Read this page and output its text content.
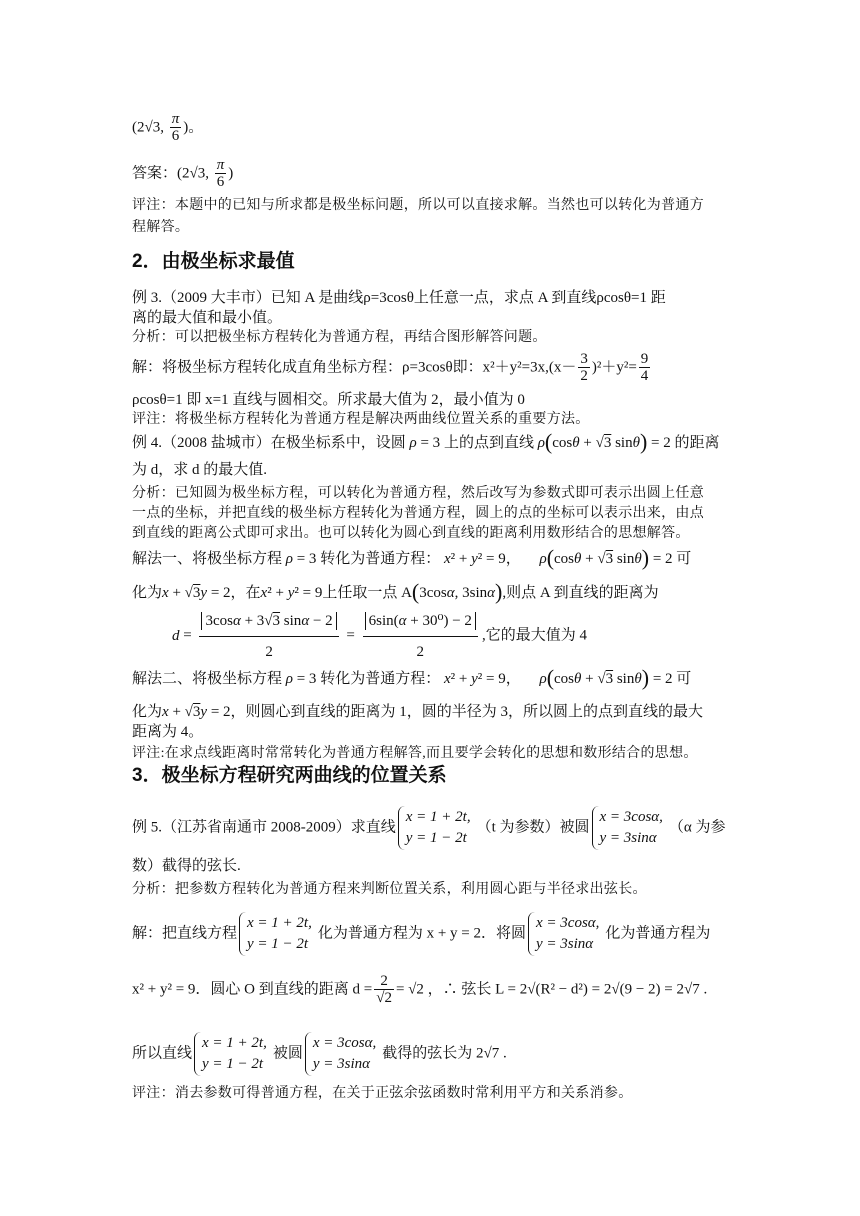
(2√3, $\frac{\pi}{6}$ )。
答案：(2√3, $\frac{\pi}{6}$ )
评注：本题中的已知与所求都是极坐标问题，所以可以直接求解。当然也可以转化为普通方
程解答。
2．由极坐标求最值
例 3.（2009 大丰市）已知 A 是曲线ρ=3cosθ上任意一点，求点 A 到直线ρcosθ=1 距
离的最大值和最小值。
分析：可以把极坐标方程转化为普通方程，再结合图形解答问题。
解：将极坐标方程转化成直角坐标方程：ρ=3cosθ即：$x^2+y^2=3x,(x- \frac{3}{2} )^2+y^2= \frac{9}{4}$
ρcosθ=1 即 x=1 直线与圆相交。所求最大值为 2，最小值为 0
评注：将极坐标方程转化为普通方程是解决两曲线位置关系的重要方法。
例 4.（2008 盐城市）在极坐标系中，设圆 ρ = 3 上的点到直线 ρ(cosθ + √3 sinθ) = 2 的距离
为 d，求 d 的最大值.
分析：已知圆为极坐标方程，可以转化为普通方程，然后改写为参数式即可表示出圆上任意
一点的坐标，并把直线的极坐标方程转化为普通方程，圆上的点的坐标可以表示出来，由点
到直线的距离公式即可求出。也可以转化为圆心到直线的距离利用数形结合的思想解答。
解法一、将极坐标方程 ρ = 3 转化为普通方程： x² + y² = 9，     ρ(cosθ + √3 sinθ) = 2 可
化为x + √3y = 2，在x² + y² = 9上任取一点 A(3cosα, 3sinα),则点 A 到直线的距离为
$d = \frac{3\cos\alpha + 3√3 \sin\alpha - 2}{2} = \frac{\text{6sin(α + 30⁰) − 2}}{2}$ ,它的最大值为 4
解法二、将极坐标方程 ρ = 3 转化为普通方程： x² + y² = 9，     ρ(cosθ + √3 sinθ) = 2 可
化为x + √3y = 2，则圆心到直线的距离为 1，圆的半径为 3，所以圆上的点到直线的最大
距离为 4。
评注:在求点线距离时常常转化为普通方程解答,而且要学会转化的思想和数形结合的思想。
3．极坐标方程研究两曲线的位置关系
例 5.（江苏省南通市 2008-2009）求直线
x = 1 + 2t,
y = 1 − 2t
（t 为参数）被圆
x = 3cosα,
y = 3sinα
（α 为参
数）截得的弦长.
分析：把参数方程转化为普通方程来判断位置关系，利用圆心距与半径求出弦长。
解：把直线方程
x = 1 + 2t,
y = 1 − 2t
化为普通方程为 x + y = 2．将圆
x = 3cosα,
y = 3sinα
化为普通方程为
x² + y² = 9．圆心 O 到直线的距离 $d = \frac{2}{√2} = √2$ ，∴ 弦长 L = 2√(R² − d²) = 2√(9 − 2) = 2√7 .
所以直线
x = 1 + 2t,
y = 1 − 2t
被圆
x = 3cosα,
y = 3sinα
截得的弦长为 2√7 .
评注：消去参数可得普通方程，在关于正弦余弦函数时常利用平方和关系消参。
